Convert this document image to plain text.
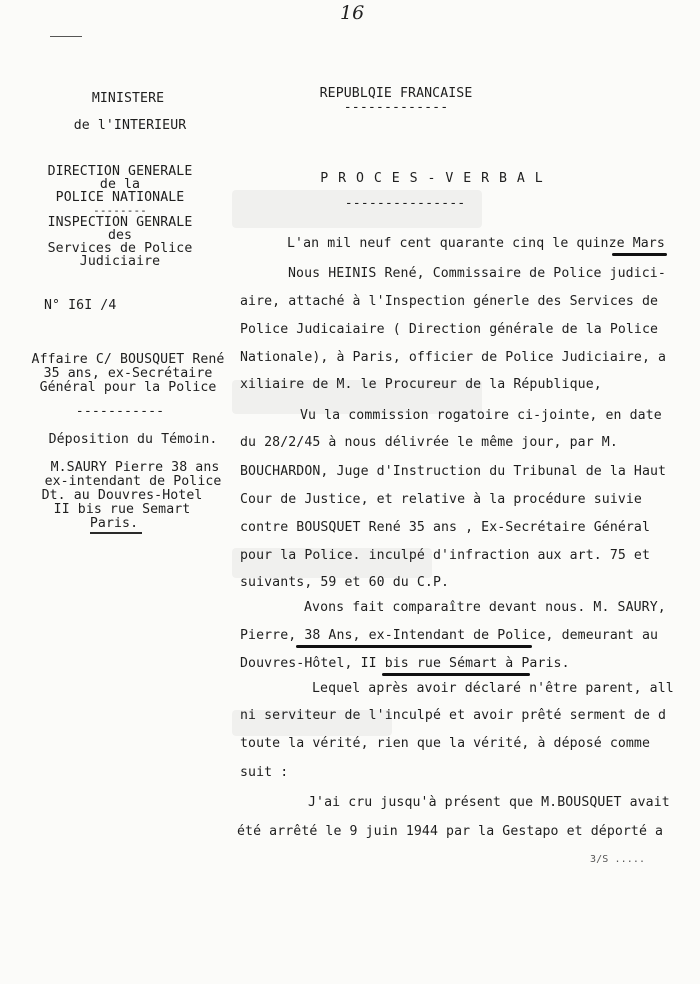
16
MINISTERE
de l'INTERIEUR
DIRECTION GENERALE
de la
POLICE NATIONALE
--------
INSPECTION GENRALE
des
Services de Police
Judiciaire
N° I6I /4
Affaire C/ BOUSQUET René
35 ans, ex-Secrétaire
Général pour la Police
-----------
Déposition du Témoin.
M.SAURY Pierre 38 ans
ex-intendant de Police
Dt. au Douvres-Hotel
II bis rue Semart
Paris.
REPUBLQIE FRANCAISE
-------------
P R O C E S - V E R B A L
---------------
L'an mil neuf cent quarante cinq le quinze Mars
Nous HEINIS René, Commissaire de Police judici-
aire, attaché à l'Inspection génerle des Services de
Police Judicaiaire ( Direction générale de la Police
Nationale), à Paris, officier de Police Judiciaire, a
xiliaire de M. le Procureur de la République,
Vu la commission rogatoire ci-jointe, en date
du 28/2/45 à nous délivrée le même jour, par M.
BOUCHARDON, Juge d'Instruction du Tribunal de la Haut
Cour de Justice, et relative à la procédure suivie
contre BOUSQUET René 35 ans , Ex-Secrétaire Général
pour la Police. inculpé d'infraction aux art. 75 et
suivants, 59 et 60 du C.P.
Avons fait comparaître devant nous. M. SAURY,
Pierre, 38 Ans, ex-Intendant de Police, demeurant au
Douvres-Hôtel, II bis rue Sémart à Paris.
Lequel après avoir déclaré n'être parent, all
ni serviteur de l'inculpé et avoir prêté serment de d
toute la vérité, rien que la vérité, à déposé comme
suit :
J'ai cru jusqu'à présent que M.BOUSQUET avait
été arrêté le 9 juin 1944 par la Gestapo et déporté a
3/S .....
